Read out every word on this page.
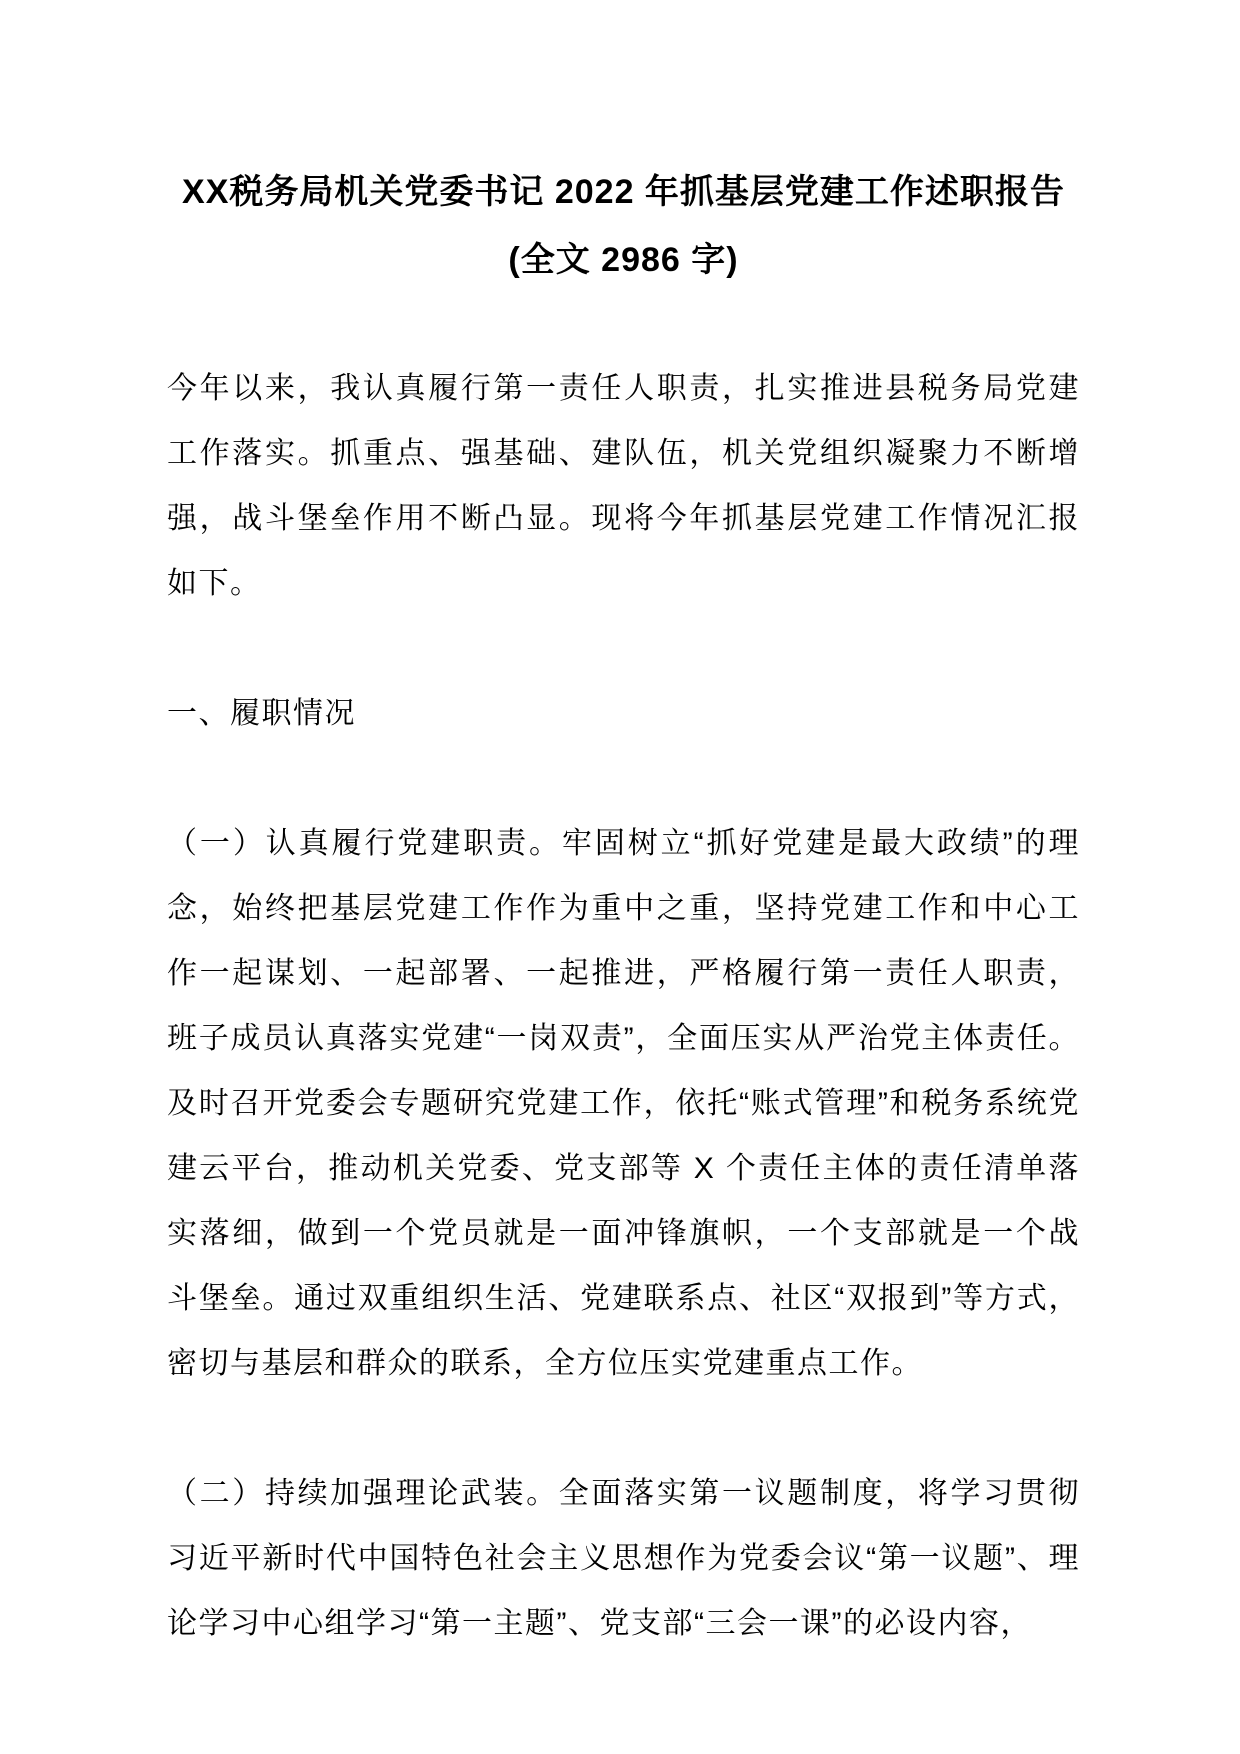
XX税务局机关党委书记 2022 年抓基层党建工作述职报告
(全文 2986 字)

今年以来，我认真履行第一责任人职责，扎实推进县税务局党建工作落实。抓重点、强基础、建队伍，机关党组织凝聚力不断增强，战斗堡垒作用不断凸显。现将今年抓基层党建工作情况汇报如下。

一、履职情况

（一）认真履行党建职责。牢固树立“抓好党建是最大政绩”的理念，始终把基层党建工作作为重中之重，坚持党建工作和中心工作一起谋划、一起部署、一起推进，严格履行第一责任人职责，班子成员认真落实党建“一岗双责”，全面压实从严治党主体责任。及时召开党委会专题研究党建工作，依托“账式管理”和税务系统党建云平台，推动机关党委、党支部等 X 个责任主体的责任清单落实落细，做到一个党员就是一面冲锋旗帜，一个支部就是一个战斗堡垒。通过双重组织生活、党建联系点、社区“双报到”等方式，密切与基层和群众的联系，全方位压实党建重点工作。

（二）持续加强理论武装。全面落实第一议题制度，将学习贯彻习近平新时代中国特色社会主义思想作为党委会议“第一议题”、理论学习中心组学习“第一主题”、党支部“三会一课”的必设内容，
